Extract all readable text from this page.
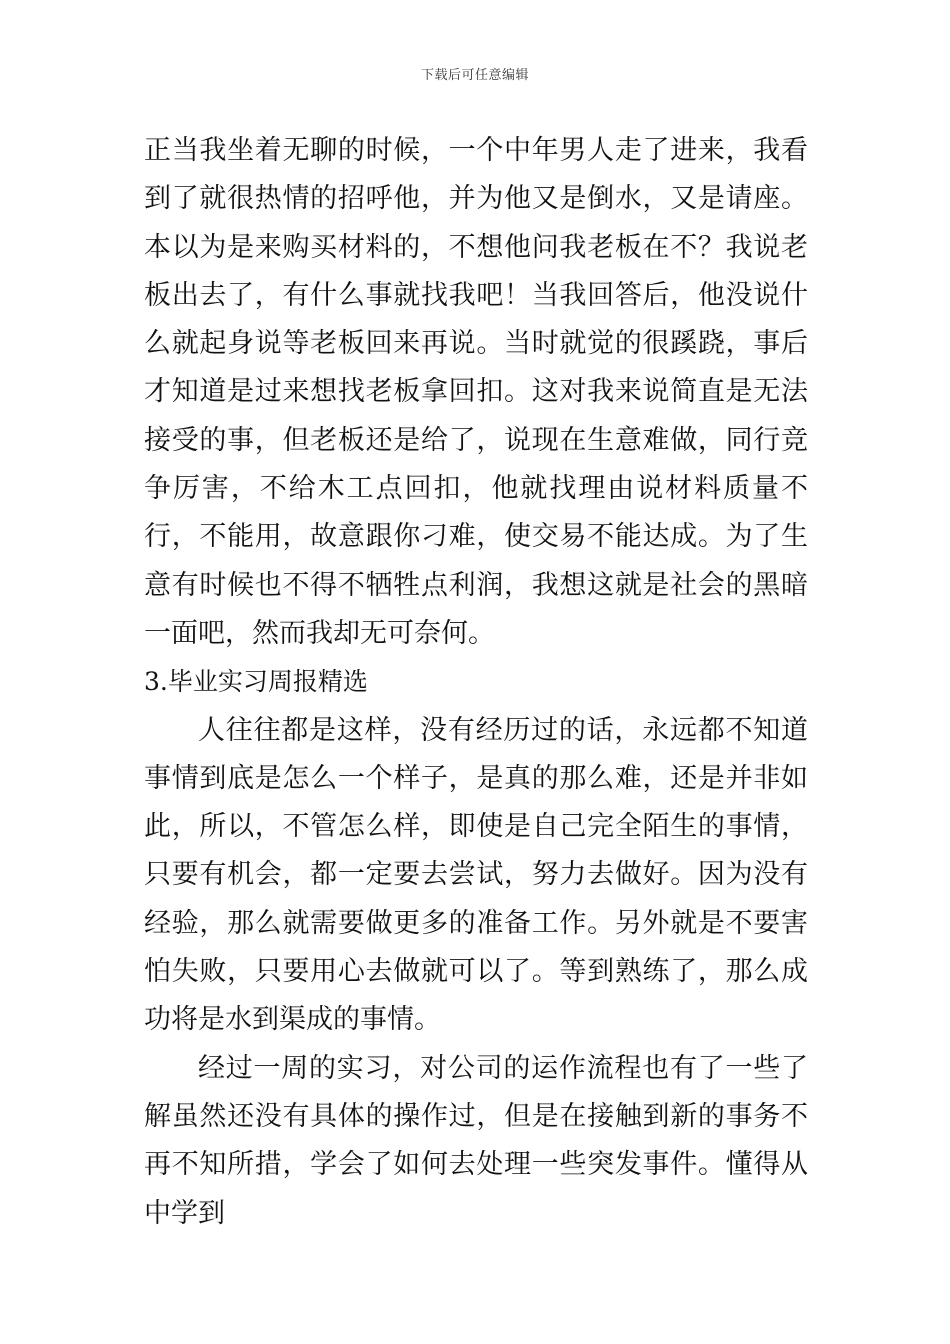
下载后可任意编辑

正当我坐着无聊的时候，一个中年男人走了进来，我看到了就很热情的招呼他，并为他又是倒水，又是请座。本以为是来购买材料的，不想他问我老板在不？我说老板出去了，有什么事就找我吧！当我回答后，他没说什么就起身说等老板回来再说。当时就觉的很蹊跷，事后才知道是过来想找老板拿回扣。这对我来说简直是无法接受的事，但老板还是给了，说现在生意难做，同行竞争厉害，不给木工点回扣，他就找理由说材料质量不行，不能用，故意跟你刁难，使交易不能达成。为了生意有时候也不得不牺牲点利润，我想这就是社会的黑暗一面吧，然而我却无可奈何。

3.毕业实习周报精选

人往往都是这样，没有经历过的话，永远都不知道事情到底是怎么一个样子，是真的那么难，还是并非如此，所以，不管怎么样，即使是自己完全陌生的事情，只要有机会，都一定要去尝试，努力去做好。因为没有经验，那么就需要做更多的准备工作。另外就是不要害怕失败，只要用心去做就可以了。等到熟练了，那么成功将是水到渠成的事情。

经过一周的实习，对公司的运作流程也有了一些了解虽然还没有具体的操作过，但是在接触到新的事务不再不知所措，学会了如何去处理一些突发事件。懂得从中学到
